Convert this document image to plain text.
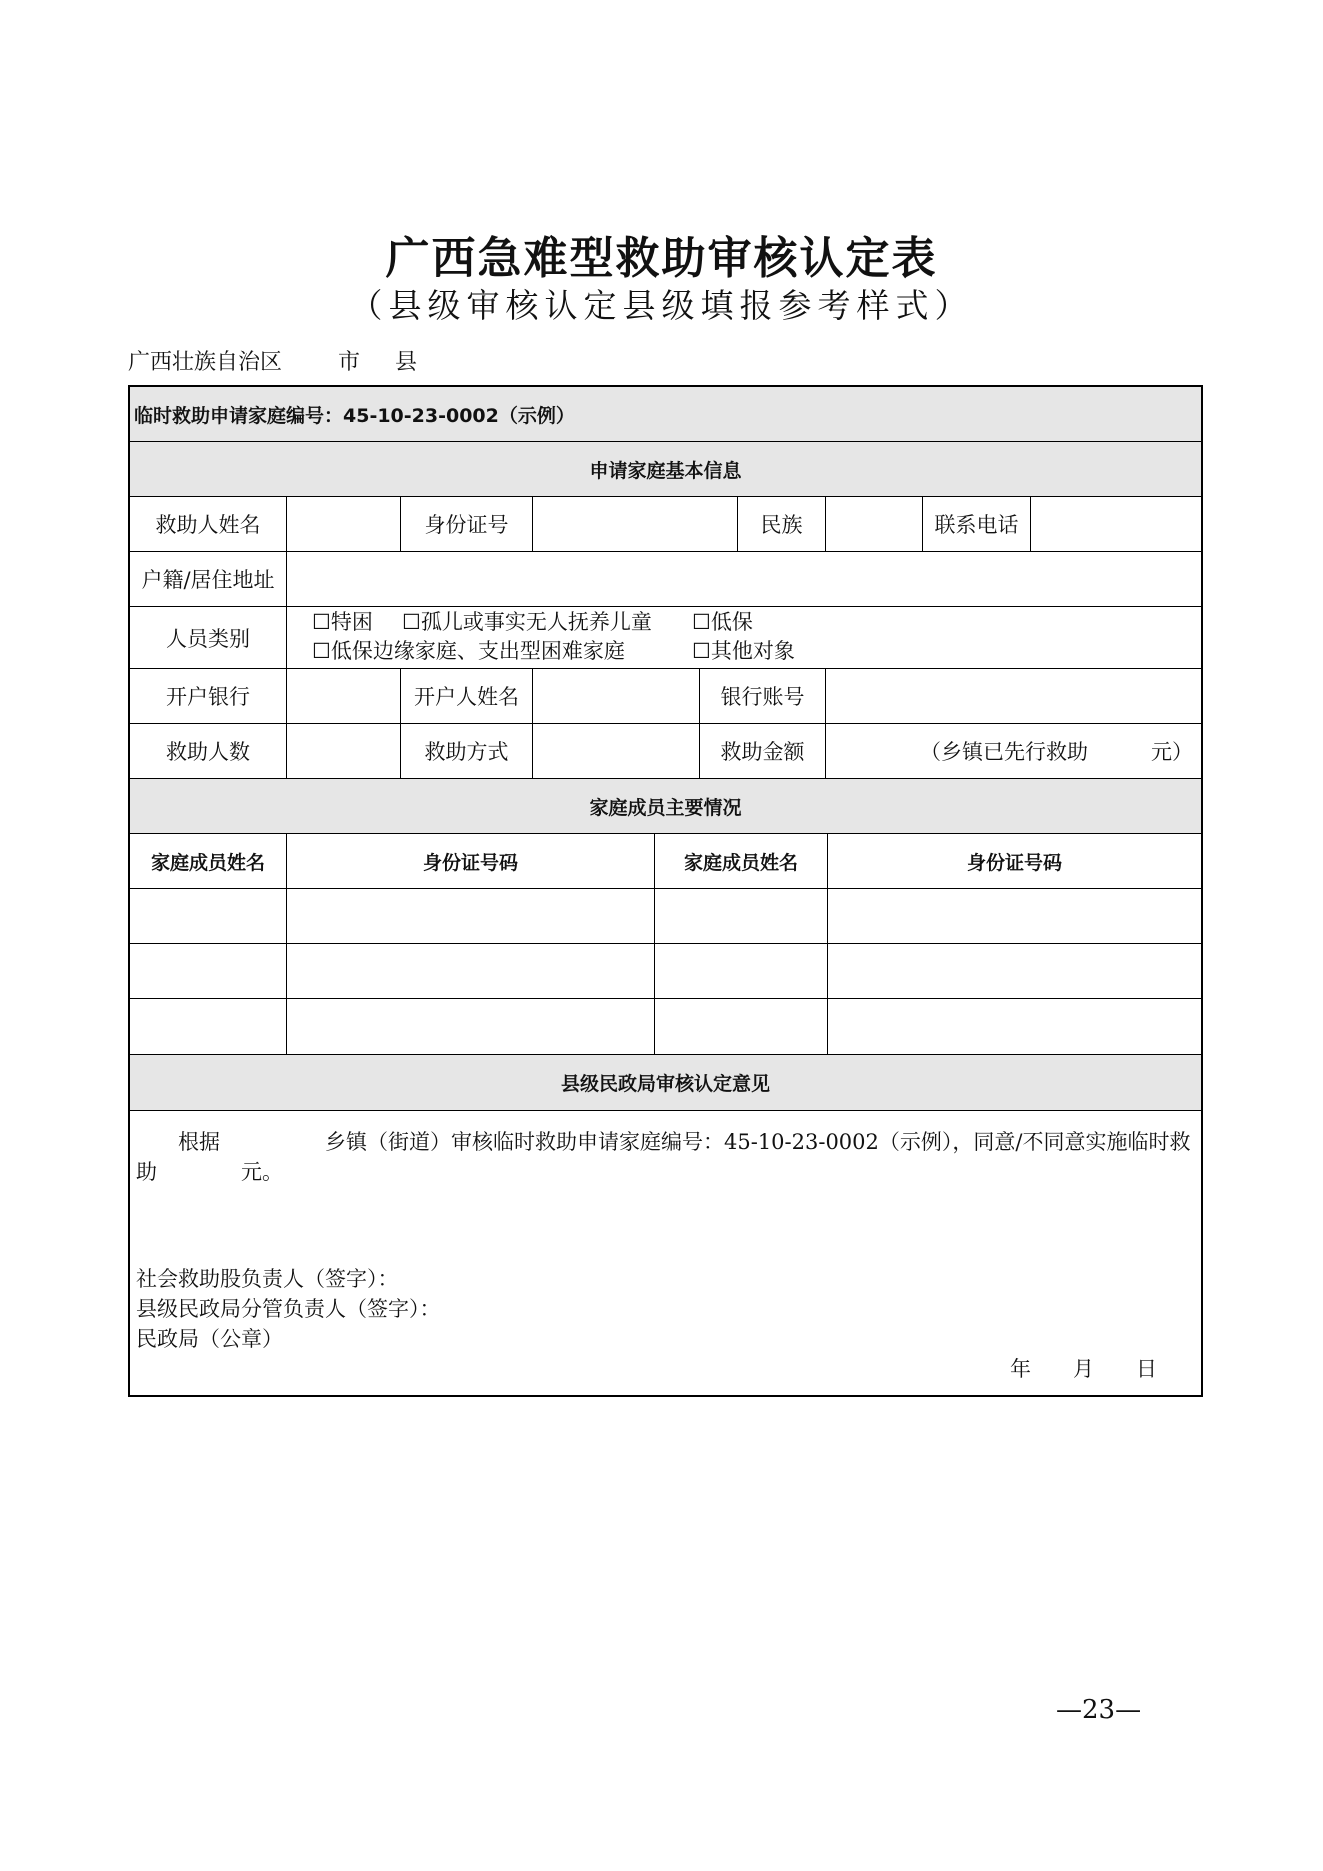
广西急难型救助审核认定表
（县级审核认定县级填报参考样式）
广西壮族自治区	市 县
临时救助申请家庭编号：45-10-23-0002（示例）
申请家庭基本信息
救助人姓名	身份证号	民族	联系电话
户籍/居住地址
人员类别
☐特困 ☐孤儿或事实无人抚养儿童 ☐低保
☐低保边缘家庭、支出型困难家庭	☐其他对象
开户银行	开户人姓名	银行账号
救助人数	救助方式	救助金额	（乡镇已先行救助　　　元）
家庭成员主要情况
家庭成员姓名	身份证号码	家庭成员姓名	身份证号码
县级民政局审核认定意见
根据　　　　　乡镇（街道）审核临时救助申请家庭编号：45-10-23-0002（示例），同意/不同意实施临时救助　　　　元。
社会救助股负责人（签字）：
县级民政局分管负责人（签字）：
民政局（公章）
年　　月　　日
—23—
